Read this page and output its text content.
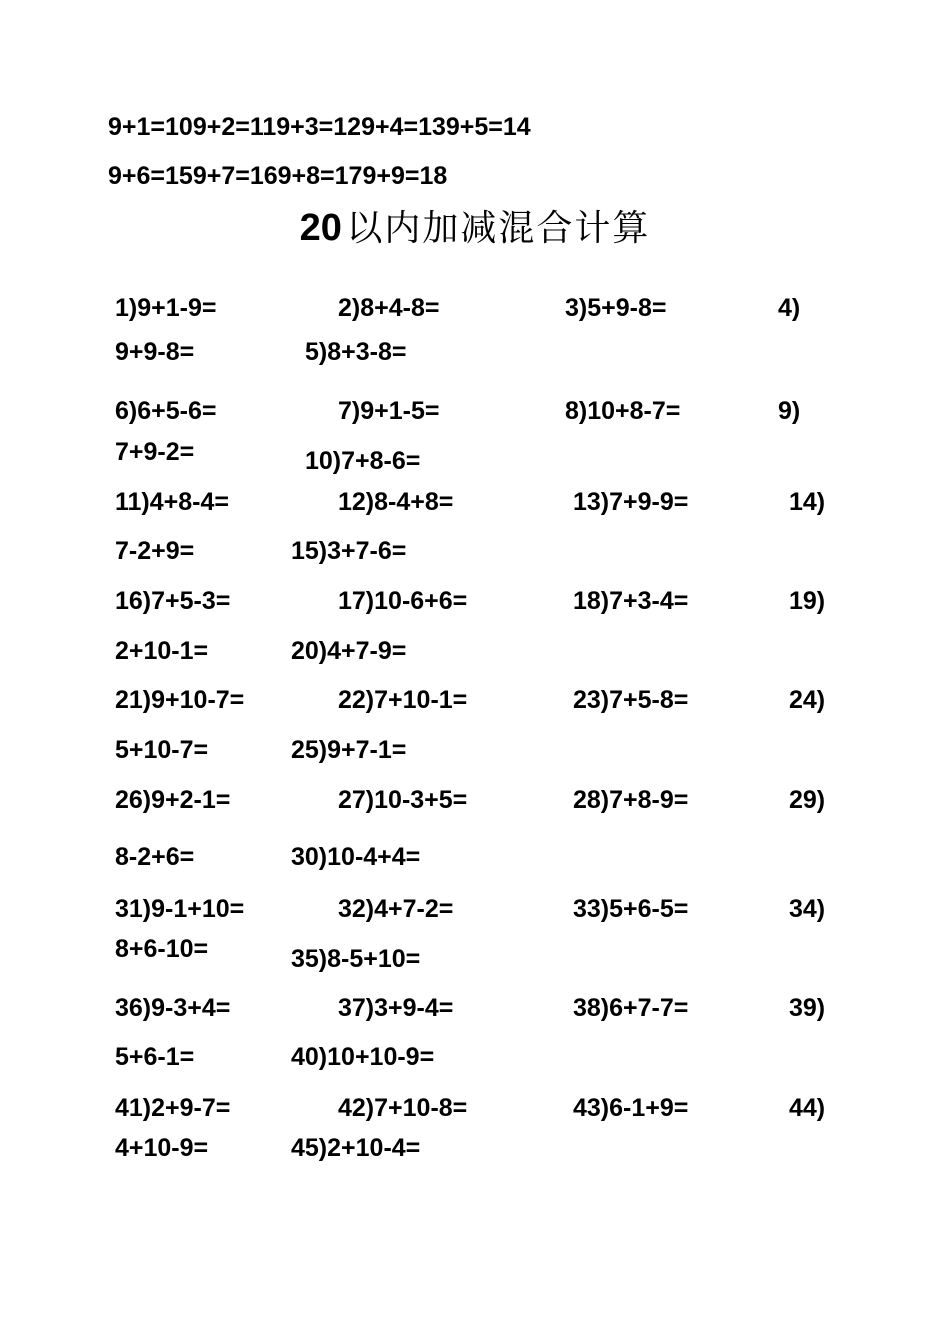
9+1=109+2=119+3=129+4=139+5=14
9+6=159+7=169+8=179+9=18
20 以内加减混合计算
1)9+1-9=	2)8+4-8=	3)5+9-8=	4)
9+9-8=	5)8+3-8=
6)6+5-6=	7)9+1-5=	8)10+8-7=	9)
7+9-2=	10)7+8-6=
11)4+8-4=	12)8-4+8=	13)7+9-9=	14)
7-2+9=	15)3+7-6=
16)7+5-3=	17)10-6+6=	18)7+3-4=	19)
2+10-1=	20)4+7-9=
21)9+10-7=	22)7+10-1=	23)7+5-8=	24)
5+10-7=	25)9+7-1=
26)9+2-1=	27)10-3+5=	28)7+8-9=	29)
8-2+6=	30)10-4+4=
31)9-1+10=	32)4+7-2=	33)5+6-5=	34)
8+6-10=	35)8-5+10=
36)9-3+4=	37)3+9-4=	38)6+7-7=	39)
5+6-1=	40)10+10-9=
41)2+9-7=	42)7+10-8=	43)6-1+9=	44)
4+10-9=	45)2+10-4=
